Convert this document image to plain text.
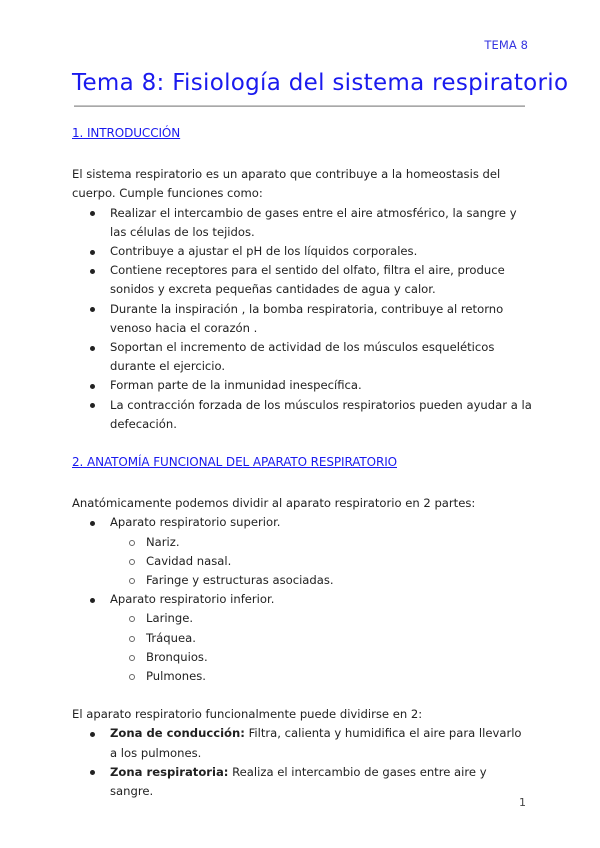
TEMA 8
Tema 8: Fisiología del sistema respiratorio
1. INTRODUCCIÓN

El sistema respiratorio es un aparato que contribuye a la homeostasis del cuerpo. Cumple funciones como:

Realizar el intercambio de gases entre el aire atmosférico, la sangre y las células de los tejidos.
Contribuye a ajustar el pH de los líquidos corporales.
Contiene receptores para el sentido del olfato, filtra el aire, produce sonidos y excreta pequeñas cantidades de agua y calor.
Durante la inspiración , la bomba respiratoria, contribuye al retorno venoso hacia el corazón .
Soportan el incremento de actividad de los músculos esqueléticos durante el ejercicio.
Forman parte de la inmunidad inespecífica.
La contracción forzada de los músculos respiratorios pueden ayudar a la defecación.
2. ANATOMÍA FUNCIONAL DEL APARATO RESPIRATORIO

Anatómicamente podemos dividir al aparato respiratorio en 2 partes:

Aparato respiratorio superior.
Nariz.
Cavidad nasal.
Faringe y estructuras asociadas.
Aparato respiratorio inferior.
Laringe.
Tráquea.
Bronquios.
Pulmones.

El aparato respiratorio funcionalmente puede dividirse en 2:

Zona de conducción: Filtra, calienta y humidifica el aire para llevarlo a los pulmones.
Zona respiratoria: Realiza el intercambio de gases entre aire y sangre.
1
